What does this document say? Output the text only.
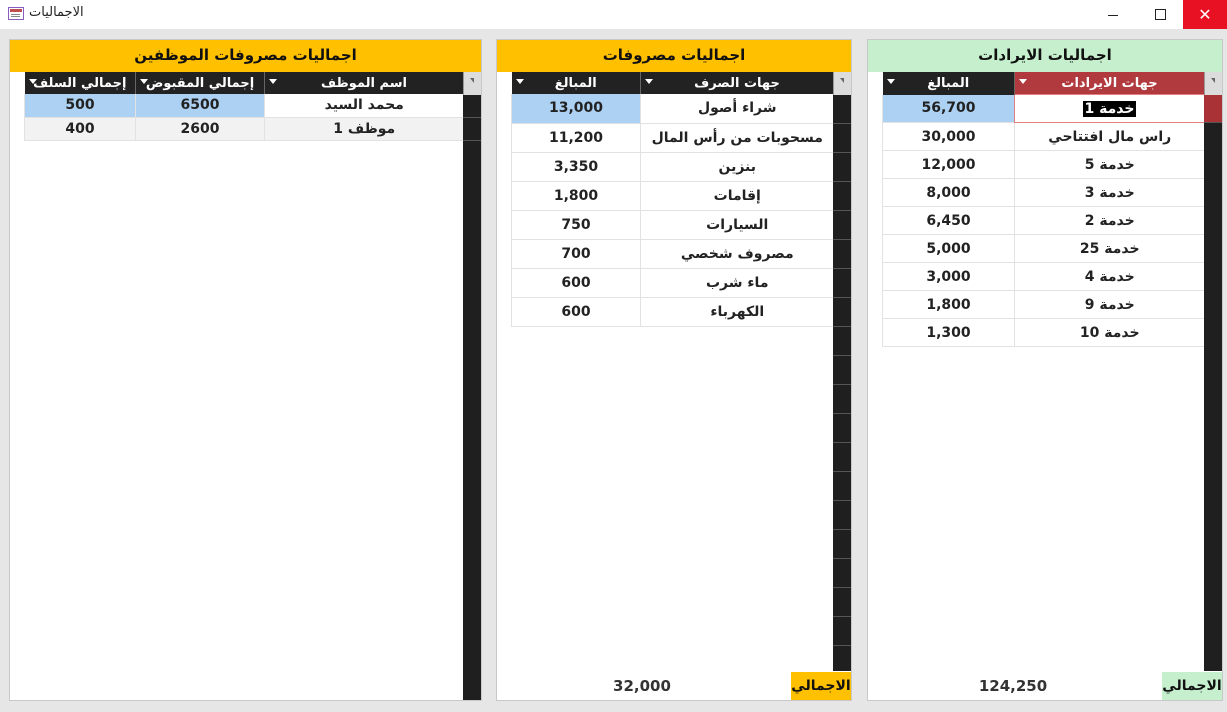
الاجماليات	✕
اجماليات مصروفات الموظفين
اسم الموظف	إجمالي المقبوض	إجمالي السلف

محمد السيد	6500	500
موظف 1	2600	400
اجماليات مصروفات
جهات الصرف	المبالغ

شراء أصول	13,000
مسحوبات من رأس المال	11,200
بنزين	3,350
إقامات	1,800
السيارات	750
مصروف شخصي	700
ماء شرب	600
الكهرباء	600
32,000	الاجمالي
اجماليات الايرادات
جهات الايرادات	المبالغ

خدمة 1	56,700
راس مال افتتاحي	30,000
خدمة 5	12,000
خدمة 3	8,000
خدمة 2	6,450
خدمة 25	5,000
خدمة 4	3,000
خدمة 9	1,800
خدمة 10	1,300
124,250	الاجمالي
